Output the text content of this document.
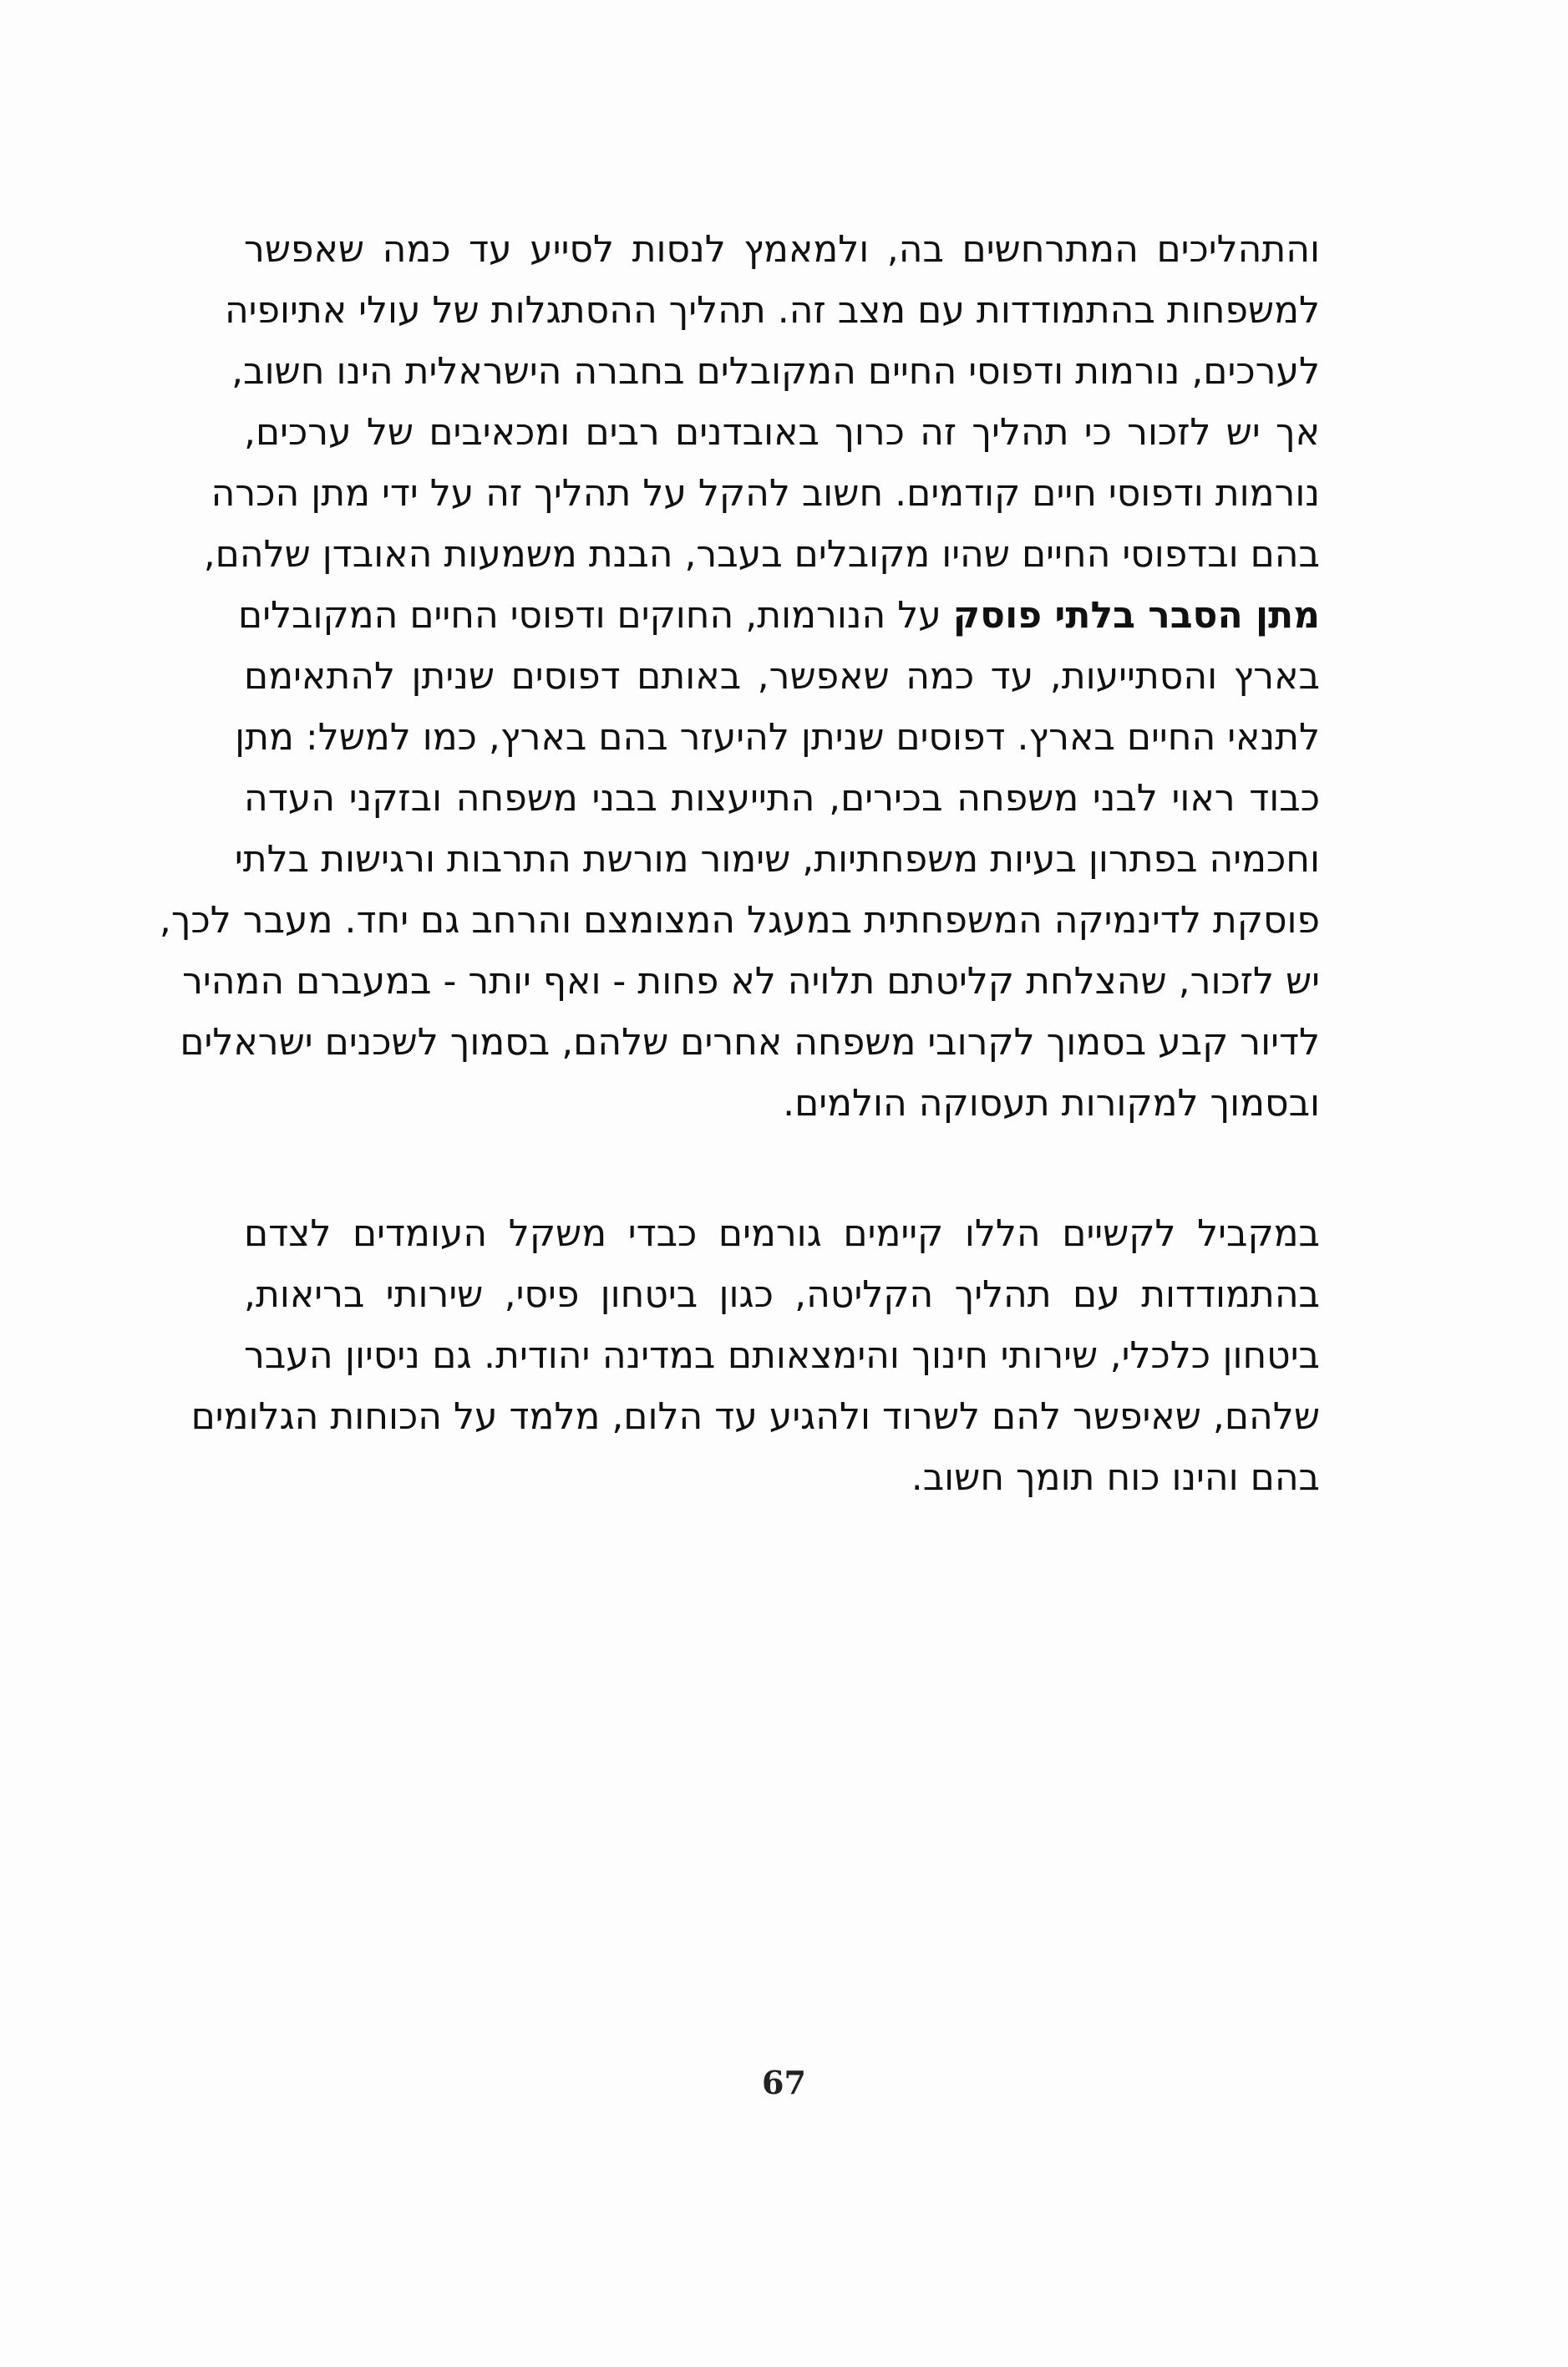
והתהליכים המתרחשים בה, ולמאמץ לנסות לסייע עד כמה שאפשר
למשפחות בהתמודדות עם מצב זה. תהליך ההסתגלות של עולי אתיופיה
לערכים, נורמות ודפוסי החיים המקובלים בחברה הישראלית הינו חשוב,
אך יש לזכור כי תהליך זה כרוך באובדנים רבים ומכאיבים של ערכים,
נורמות ודפוסי חיים קודמים. חשוב להקל על תהליך זה על ידי מתן הכרה
בהם ובדפוסי החיים שהיו מקובלים בעבר, הבנת משמעות האובדן שלהם,
מתן הסבר בלתי פוסק על הנורמות, החוקים ודפוסי החיים המקובלים
בארץ והסתייעות, עד כמה שאפשר, באותם דפוסים שניתן להתאימם
לתנאי החיים בארץ. דפוסים שניתן להיעזר בהם בארץ, כמו למשל: מתן
כבוד ראוי לבני משפחה בכירים, התייעצות בבני משפחה ובזקני העדה
וחכמיה בפתרון בעיות משפחתיות, שימור מורשת התרבות ורגישות בלתי
פוסקת לדינמיקה המשפחתית במעגל המצומצם והרחב גם יחד. מעבר לכך,
יש לזכור, שהצלחת קליטתם תלויה לא פחות - ואף יותר - במעברם המהיר
לדיור קבע בסמוך לקרובי משפחה אחרים שלהם, בסמוך לשכנים ישראלים
ובסמוך למקורות תעסוקה הולמים.
במקביל לקשיים הללו קיימים גורמים כבדי משקל העומדים לצדם
בהתמודדות עם תהליך הקליטה, כגון ביטחון פיסי, שירותי בריאות,
ביטחון כלכלי, שירותי חינוך והימצאותם במדינה יהודית. גם ניסיון העבר
שלהם, שאיפשר להם לשרוד ולהגיע עד הלום, מלמד על הכוחות הגלומים
בהם והינו כוח תומך חשוב.
67
